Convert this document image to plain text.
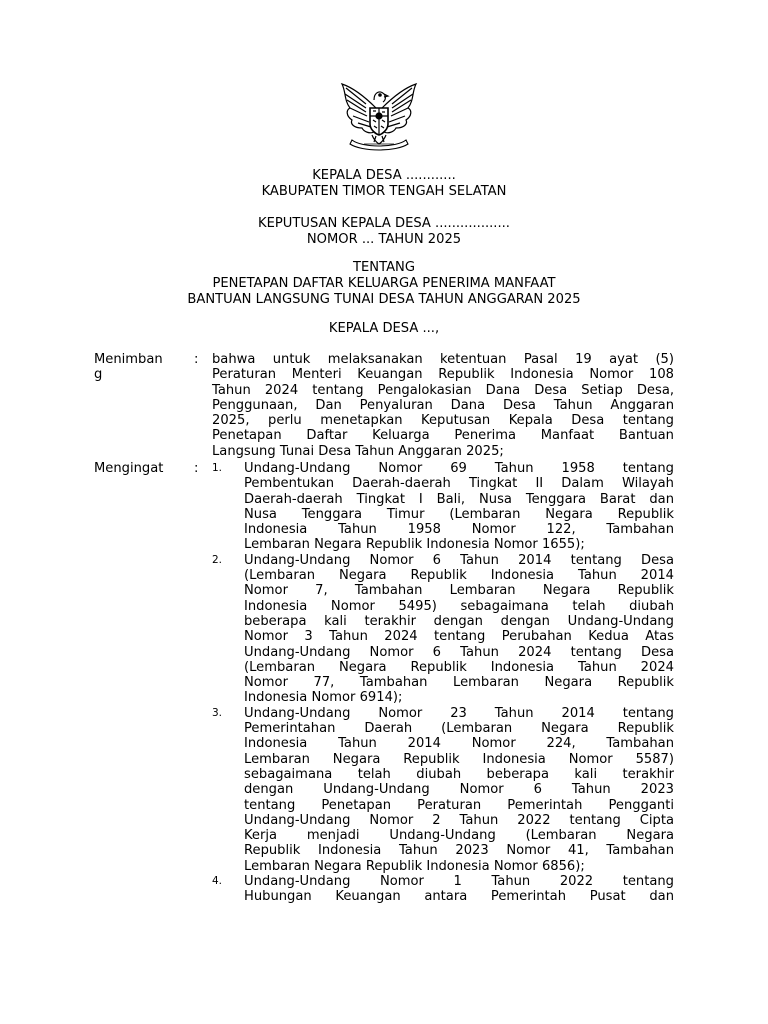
KEPALA DESA ............
KABUPATEN TIMOR TENGAH SELATAN
KEPUTUSAN KEPALA DESA ..................
NOMOR ... TAHUN 2025
TENTANG
PENETAPAN DAFTAR KELUARGA PENERIMA MANFAAT
BANTUAN LANGSUNG TUNAI DESA TAHUN ANGGARAN 2025
KEPALA DESA ...,
Menimban
g
:	bahwa untuk melaksanakan ketentuan Pasal 19 ayat (5)
Peraturan Menteri Keuangan Republik Indonesia Nomor 108
Tahun 2024 tentang Pengalokasian Dana Desa Setiap Desa,
Penggunaan, Dan Penyaluran Dana Desa Tahun Anggaran
2025, perlu menetapkan Keputusan Kepala Desa tentang
Penetapan Daftar Keluarga Penerima Manfaat Bantuan
Langsung Tunai Desa Tahun Anggaran 2025;
Mengingat	:	1.	Undang-Undang Nomor 69 Tahun 1958 tentang
Pembentukan Daerah-daerah Tingkat II Dalam Wilayah
Daerah-daerah Tingkat I Bali, Nusa Tenggara Barat dan
Nusa Tenggara Timur (Lembaran Negara Republik
Indonesia Tahun 1958 Nomor 122, Tambahan
Lembaran Negara Republik Indonesia Nomor 1655);
2.	Undang-Undang Nomor 6 Tahun 2014 tentang Desa
(Lembaran Negara Republik Indonesia Tahun 2014
Nomor 7, Tambahan Lembaran Negara Republik
Indonesia Nomor 5495) sebagaimana telah diubah
beberapa kali terakhir dengan dengan Undang-Undang
Nomor 3 Tahun 2024 tentang Perubahan Kedua Atas
Undang-Undang Nomor 6 Tahun 2024 tentang Desa
(Lembaran Negara Republik Indonesia Tahun 2024
Nomor 77, Tambahan Lembaran Negara Republik
Indonesia Nomor 6914);
3.	Undang-Undang Nomor 23 Tahun 2014 tentang
Pemerintahan Daerah (Lembaran Negara Republik
Indonesia Tahun 2014 Nomor 224, Tambahan
Lembaran Negara Republik Indonesia Nomor 5587)
sebagaimana telah diubah beberapa kali terakhir
dengan Undang-Undang Nomor 6 Tahun 2023
tentang Penetapan Peraturan Pemerintah Pengganti
Undang-Undang Nomor 2 Tahun 2022 tentang Cipta
Kerja menjadi Undang-Undang (Lembaran Negara
Republik Indonesia Tahun 2023 Nomor 41, Tambahan
Lembaran Negara Republik Indonesia Nomor 6856);
4.	Undang-Undang Nomor 1 Tahun 2022 tentang
Hubungan Keuangan antara Pemerintah Pusat dan
